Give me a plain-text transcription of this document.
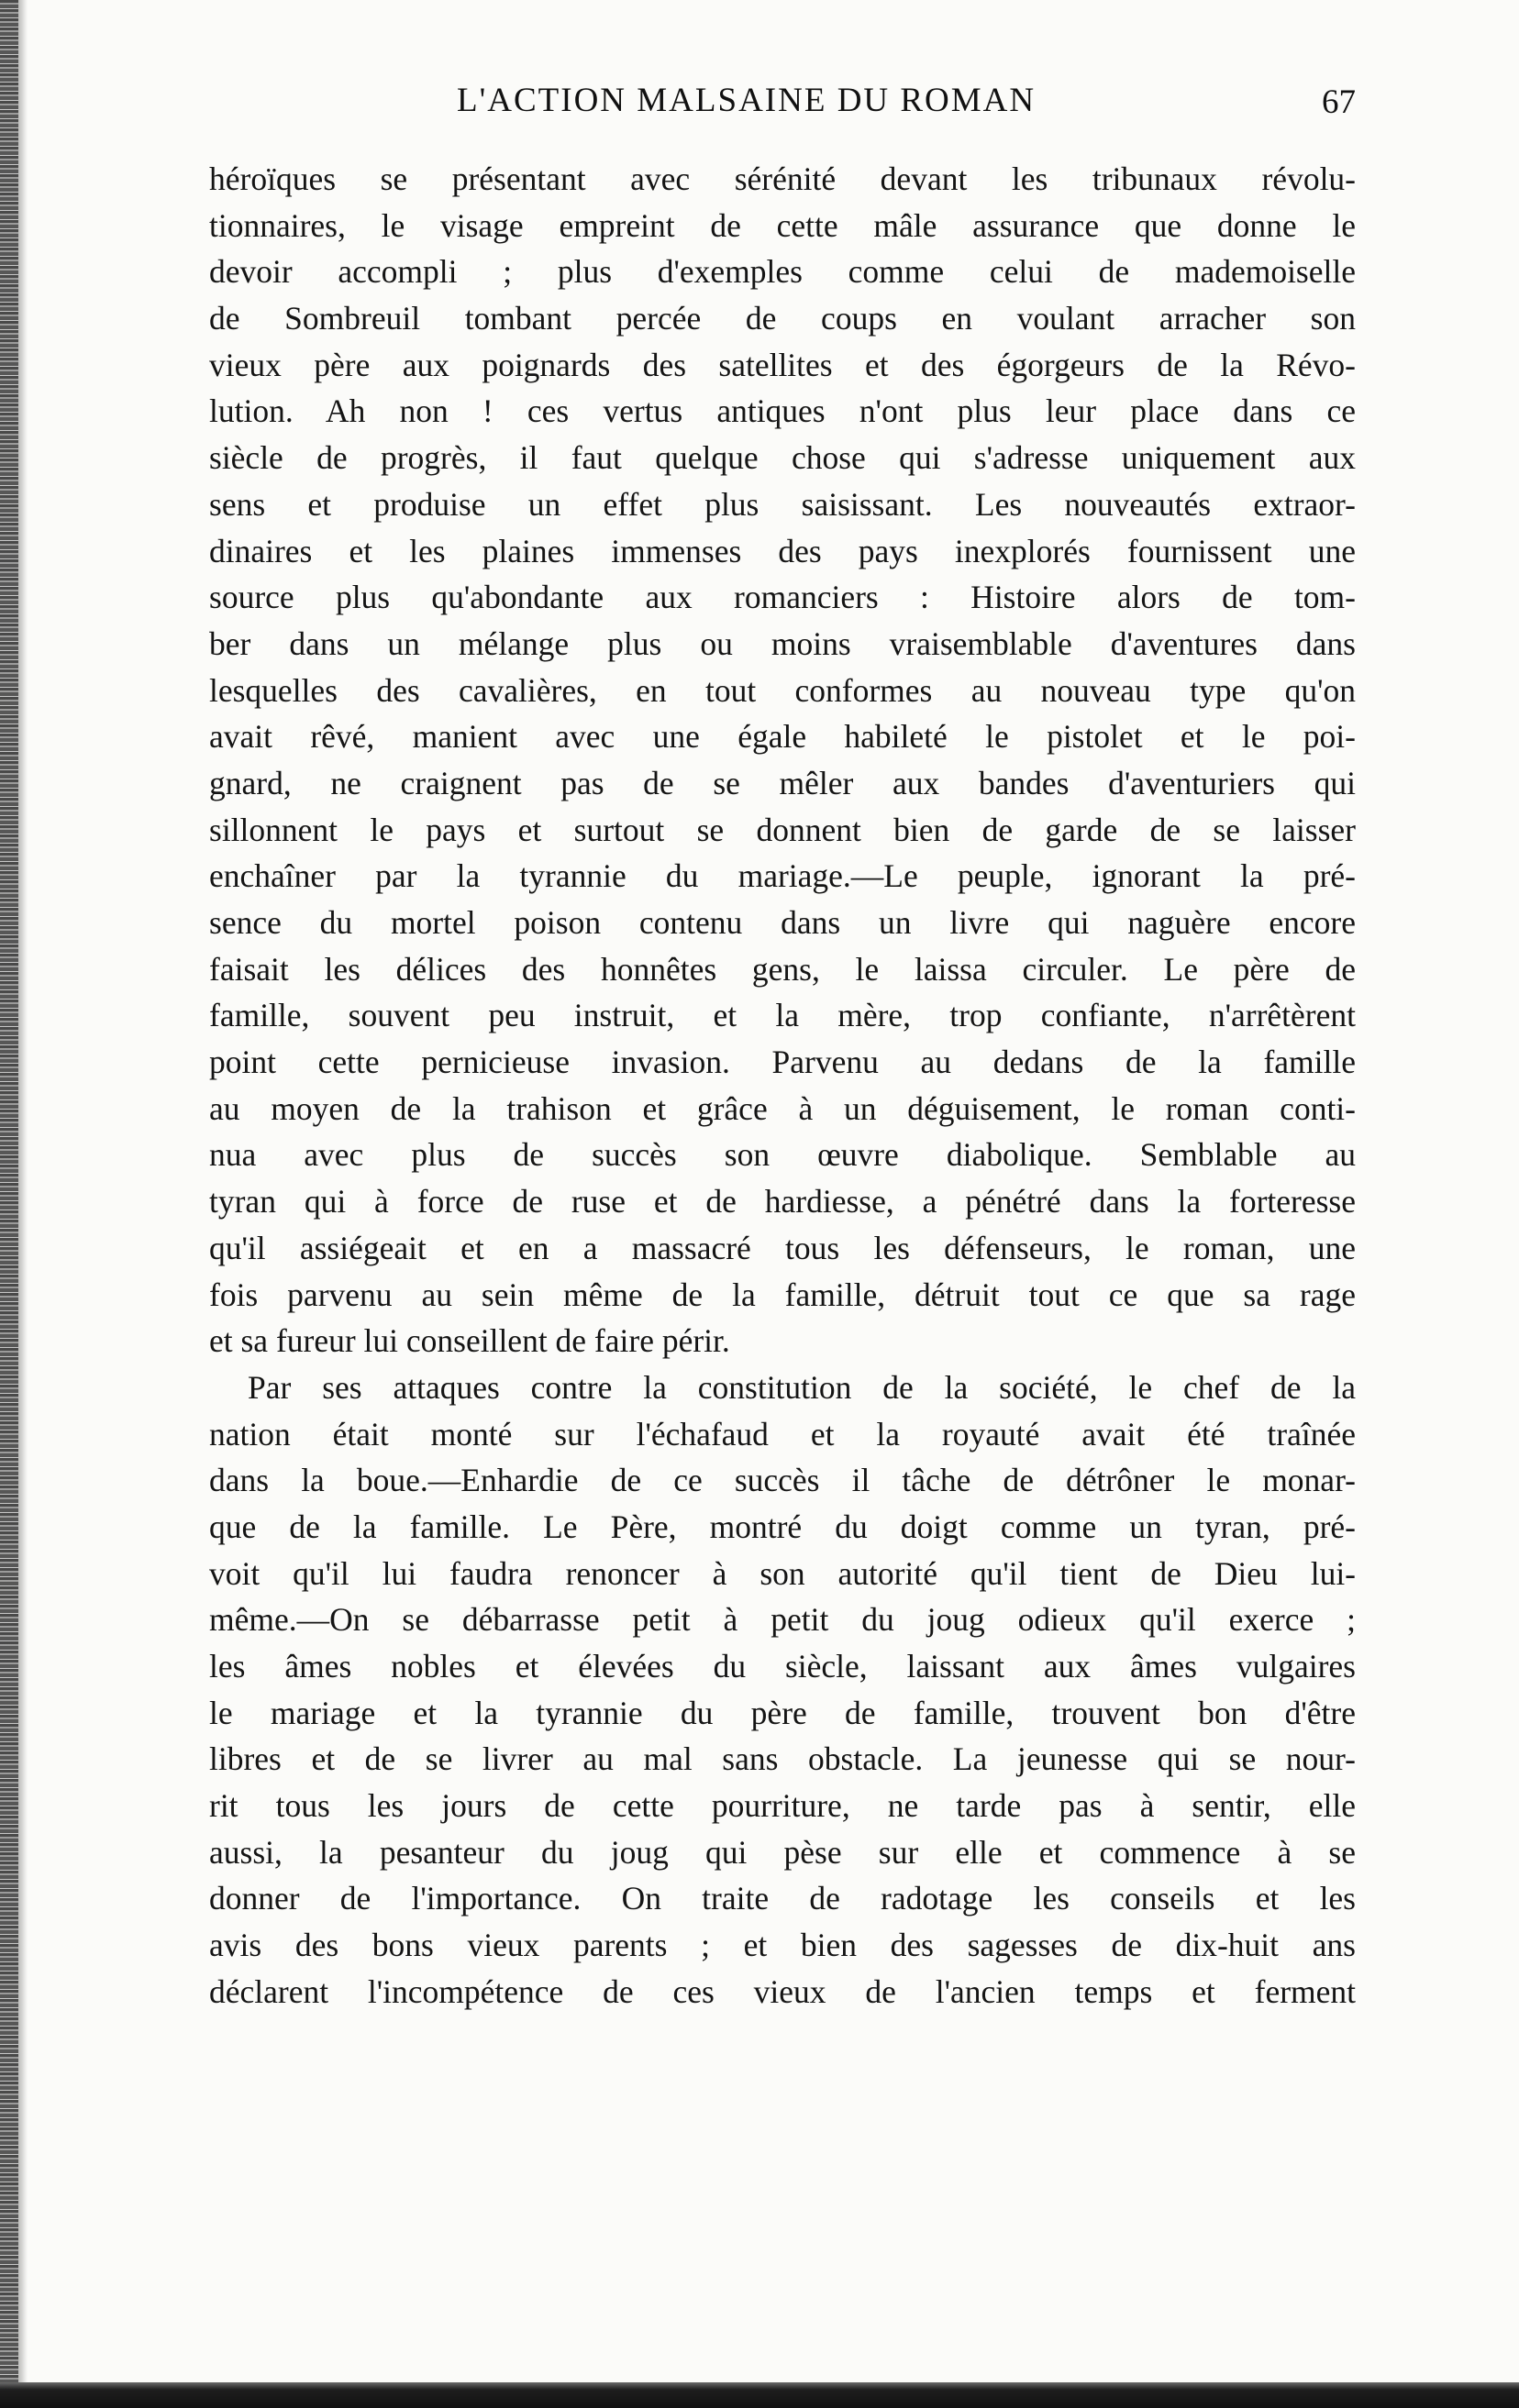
L'ACTION MALSAINE DU ROMAN	67
héroïques se présentant avec sérénité devant les tribunaux révolu-
tionnaires, le visage empreint de cette mâle assurance que donne le
devoir accompli ; plus d'exemples comme celui de mademoiselle
de Sombreuil tombant percée de coups en voulant arracher son
vieux père aux poignards des satellites et des égorgeurs de la Révo-
lution. Ah non ! ces vertus antiques n'ont plus leur place dans ce
siècle de progrès, il faut quelque chose qui s'adresse uniquement aux
sens et produise un effet plus saisissant. Les nouveautés extraor-
dinaires et les plaines immenses des pays inexplorés fournissent une
source plus qu'abondante aux romanciers : Histoire alors de tom-
ber dans un mélange plus ou moins vraisemblable d'aventures dans
lesquelles des cavalières, en tout conformes au nouveau type qu'on
avait rêvé, manient avec une égale habileté le pistolet et le poi-
gnard, ne craignent pas de se mêler aux bandes d'aventuriers qui
sillonnent le pays et surtout se donnent bien de garde de se laisser
enchaîner par la tyrannie du mariage.—Le peuple, ignorant la pré-
sence du mortel poison contenu dans un livre qui naguère encore
faisait les délices des honnêtes gens, le laissa circuler. Le père de
famille, souvent peu instruit, et la mère, trop confiante, n'arrêtèrent
point cette pernicieuse invasion. Parvenu au dedans de la famille
au moyen de la trahison et grâce à un déguisement, le roman conti-
nua avec plus de succès son œuvre diabolique. Semblable au
tyran qui à force de ruse et de hardiesse, a pénétré dans la forteresse
qu'il assiégeait et en a massacré tous les défenseurs, le roman, une
fois parvenu au sein même de la famille, détruit tout ce que sa rage
et sa fureur lui conseillent de faire périr.
Par ses attaques contre la constitution de la société, le chef de la
nation était monté sur l'échafaud et la royauté avait été traînée
dans la boue.—Enhardie de ce succès il tâche de détrôner le monar-
que de la famille. Le Père, montré du doigt comme un tyran, pré-
voit qu'il lui faudra renoncer à son autorité qu'il tient de Dieu lui-
même.—On se débarrasse petit à petit du joug odieux qu'il exerce ;
les âmes nobles et élevées du siècle, laissant aux âmes vulgaires
le mariage et la tyrannie du père de famille, trouvent bon d'être
libres et de se livrer au mal sans obstacle. La jeunesse qui se nour-
rit tous les jours de cette pourriture, ne tarde pas à sentir, elle
aussi, la pesanteur du joug qui pèse sur elle et commence à se
donner de l'importance. On traite de radotage les conseils et les
avis des bons vieux parents ; et bien des sagesses de dix-huit ans
déclarent l'incompétence de ces vieux de l'ancien temps et ferment
